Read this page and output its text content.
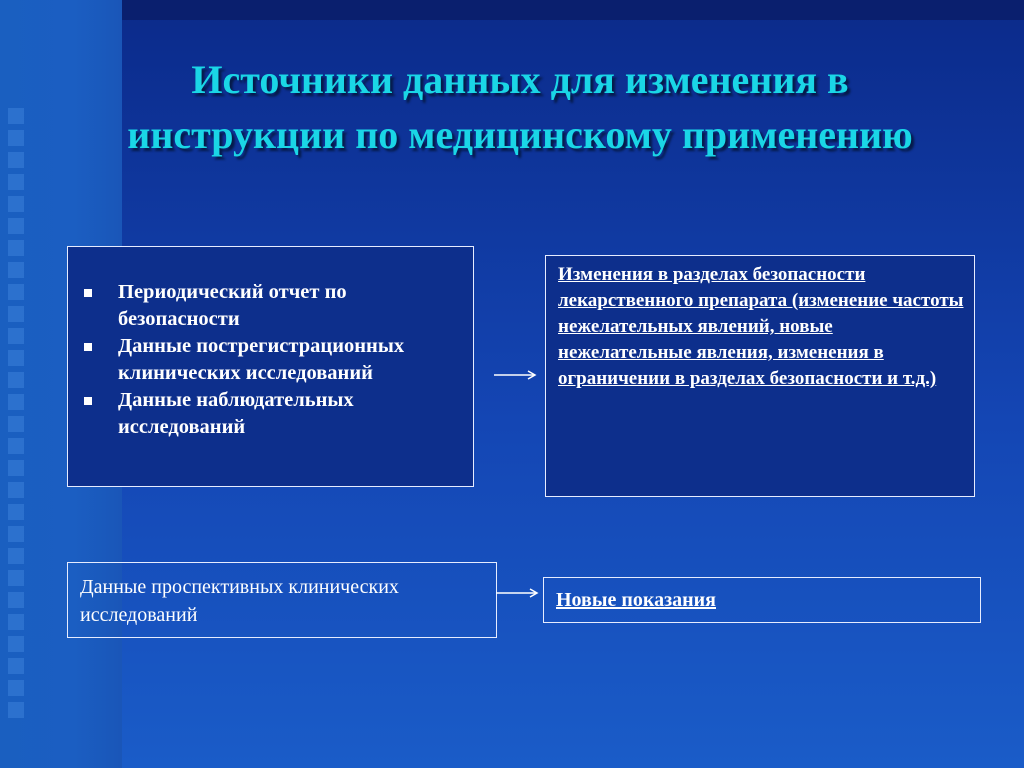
Источники данных для изменения в инструкции по медицинскому применению
Периодический отчет по безопасности
Данные пострегистрационных клинических исследований
Данные наблюдательных исследований
Изменения в разделах безопасности лекарственного препарата (изменение частоты нежелательных явлений, новые нежелательные явления, изменения в ограничении в разделах безопасности и т.д.)
Данные проспективных клинических исследований
Новые показания
